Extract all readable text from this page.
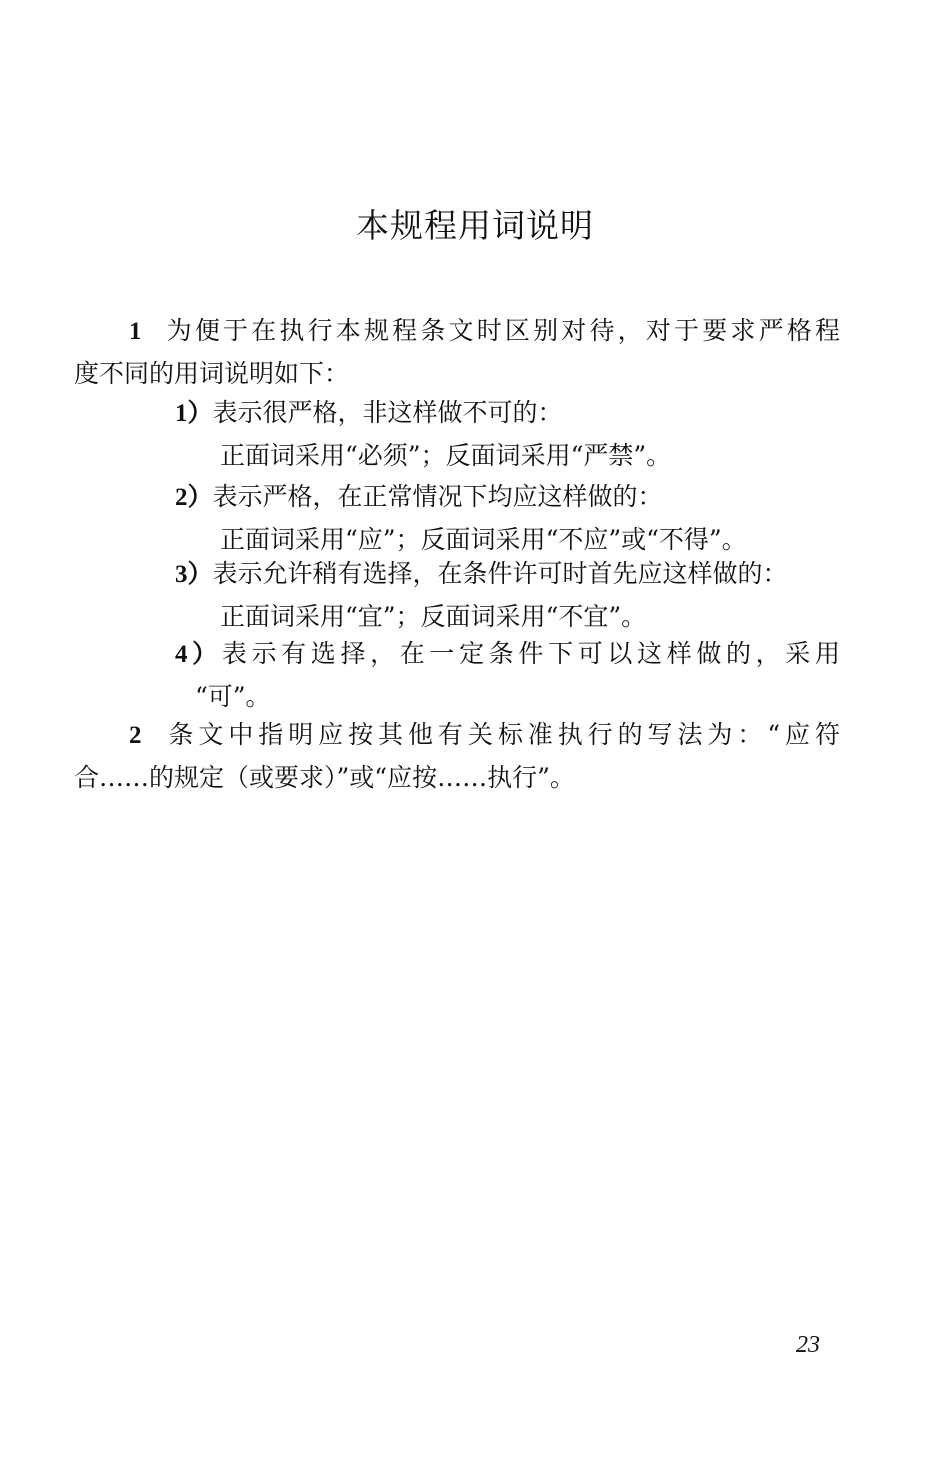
本规程用词说明
1 为便于在执行本规程条文时区别对待，对于要求严格程
度不同的用词说明如下：
1）表示很严格，非这样做不可的：
正面词采用“必须”；反面词采用“严禁”。
2）表示严格，在正常情况下均应这样做的：
正面词采用“应”；反面词采用“不应”或“不得”。
3）表示允许稍有选择，在条件许可时首先应这样做的：
正面词采用“宜”；反面词采用“不宜”。
4）表示有选择，在一定条件下可以这样做的，采用
“可”。
2 条文中指明应按其他有关标准执行的写法为：“应符
合……的规定（或要求）”或“应按……执行”。
23
